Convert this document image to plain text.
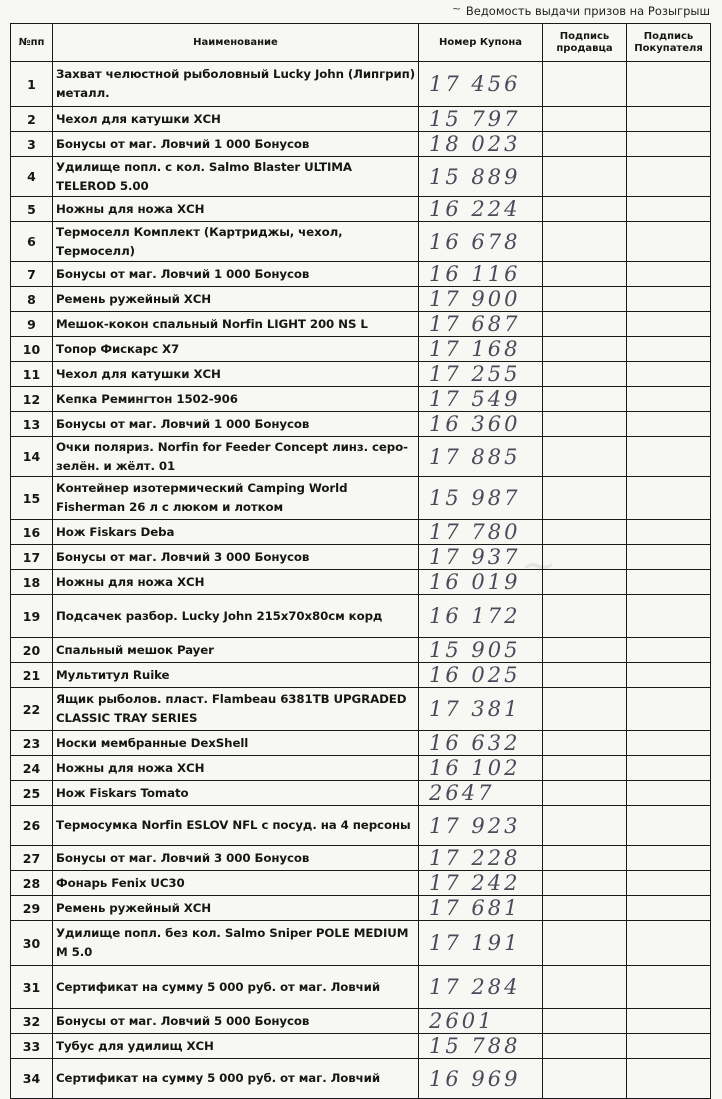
~ Ведомость выдачи призов на Розыгрыш
~
№пп	Наименование	Номер Купона	Подпись продавца	Подпись Покупателя
1	Захват челюстной рыболовный Lucky John (Липгрип) металл.	17 456		
2	Чехол для катушки ХСН	15 797		
3	Бонусы от маг. Ловчий 1 000 Бонусов	18 023		
4	Удилище попл. с кол. Salmo Blaster ULTIMA TELEROD 5.00	15 889		
5	Ножны для ножа ХСН	16 224		
6	Термоселл Комплект (Картриджы, чехол, Термоселл)	16 678		
7	Бонусы от маг. Ловчий 1 000 Бонусов	16 116		
8	Ремень ружейный ХСН	17 900		
9	Мешок-кокон спальный Norfin LIGHT 200 NS L	17 687		
10	Топор Фискарс Х7	17 168		
11	Чехол для катушки ХСН	17 255		
12	Кепка Ремингтон 1502-906	17 549		
13	Бонусы от маг. Ловчий 1 000 Бонусов	16 360		
14	Очки поляриз. Norfin for Feeder Concept линз. серо-зелён. и жёлт. 01	17 885		
15	Контейнер изотермический Camping World Fisherman 26 л с люком и лотком	15 987		
16	Нож Fiskars Deba	17 780		
17	Бонусы от маг. Ловчий 3 000 Бонусов	17 937		
18	Ножны для ножа ХСН	16 019		
19	Подсачек разбор. Lucky John 215х70х80см корд	16 172		
20	Спальный мешок Payer	15 905		
21	Мультитул Ruike	16 025		
22	Ящик рыболов. пласт. Flambeau 6381TB UPGRADED CLASSIC TRAY SERIES	17 381		
23	Носки мембранные DexShell	16 632		
24	Ножны для ножа ХСН	16 102		
25	Нож Fiskars Tomato	2647		
26	Термосумка Norfin ESLOV NFL с посуд. на 4 персоны	17 923		
27	Бонусы от маг. Ловчий 3 000 Бонусов	17 228		
28	Фонарь Fenix UC30	17 242		
29	Ремень ружейный ХСН	17 681		
30	Удилище попл. без кол. Salmo Sniper POLE MEDIUM M 5.0	17 191		
31	Сертификат на сумму 5 000 руб. от маг. Ловчий	17 284		
32	Бонусы от маг. Ловчий 5 000 Бонусов	2601		
33	Тубус для удилищ ХСН	15 788		
34	Сертификат на сумму 5 000 руб. от маг. Ловчий	16 969		
